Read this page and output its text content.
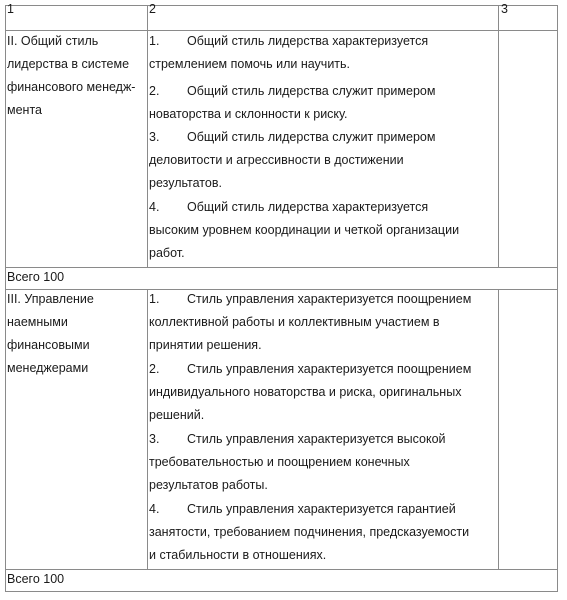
1	2	3
II. Общий стиль
лидерства в системе
финансового менедж-
мента
1. Общий стиль лидерства характеризуется
стремлением помочь или научить.
2. Общий стиль лидерства служит примером
новаторства и склонности к риску.
3. Общий стиль лидерства служит примером
деловитости и агрессивности в достижении
результатов.
4. Общий стиль лидерства характеризуется
высоким уровнем координации и четкой организации
работ.
Всего 100
III. Управление
наемными
финансовыми
менеджерами
1. Стиль управления характеризуется поощрением
коллективной работы и коллективным участием в
принятии решения.
2. Стиль управления характеризуется поощрением
индивидуального новаторства и риска, оригинальных
решений.
3. Стиль управления характеризуется высокой
требовательностью и поощрением конечных
результатов работы.
4. Стиль управления характеризуется гарантией
занятости, требованием подчинения, предсказуемости
и стабильности в отношениях.
Всего 100
